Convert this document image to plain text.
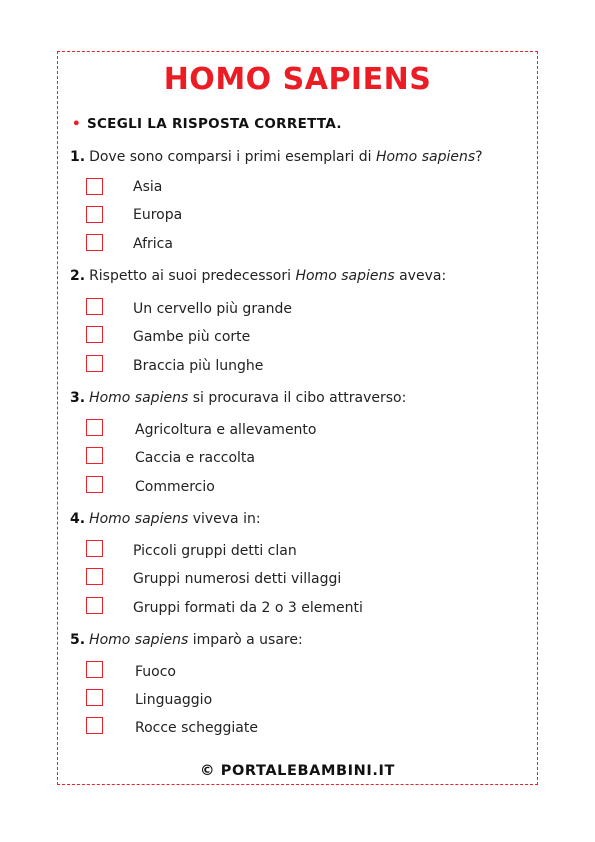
HOMO SAPIENS
• SCEGLI LA RISPOSTA CORRETTA.
1. Dove sono comparsi i primi esemplari di Homo sapiens?
Asia
Europa
Africa
2. Rispetto ai suoi predecessori Homo sapiens aveva:
Un cervello più grande
Gambe più corte
Braccia più lunghe
3. Homo sapiens si procurava il cibo attraverso:
Agricoltura e allevamento
Caccia e raccolta
Commercio
4. Homo sapiens viveva in:
Piccoli gruppi detti clan
Gruppi numerosi detti villaggi
Gruppi formati da 2 o 3 elementi
5. Homo sapiens imparò a usare:
Fuoco
Linguaggio
Rocce scheggiate
© PORTALEBAMBINI.IT
